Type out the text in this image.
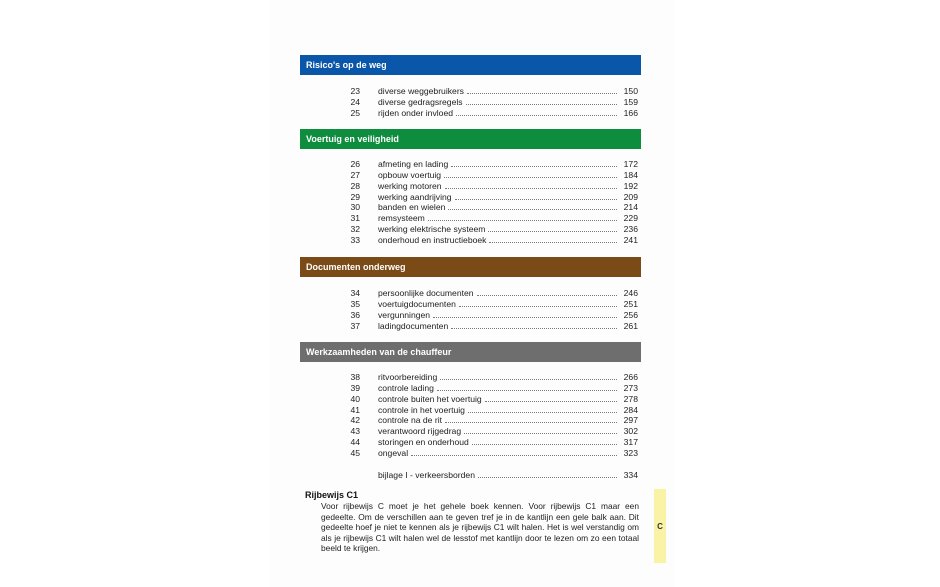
Risico's op de weg
23 diverse weggebruikers	150
24 diverse gedragsregels	159
25 rijden onder invloed	166
Voertuig en veiligheid
26 afmeting en lading	172
27 opbouw voertuig	184
28 werking motoren	192
29 werking aandrijving	209
30 banden en wielen	214
31 remsysteem	229
32 werking elektrische systeem	236
33 onderhoud en instructieboek	241
Documenten onderweg
34 persoonlijke documenten	246
35 voertuigdocumenten	251
36 vergunningen	256
37 ladingdocumenten	261
Werkzaamheden van de chauffeur
38 ritvoorbereiding	266
39 controle lading	273
40 controle buiten het voertuig	278
41 controle in het voertuig	284
42 controle na de rit	297
43 verantwoord rijgedrag	302
44 storingen en onderhoud	317
45 ongeval	323
bijlage I - verkeersborden	334
Rijbewijs C1
Voor rijbewijs C moet je het gehele boek kennen. Voor rijbewijs C1 maar een gedeelte. Om de verschillen aan te geven tref je in de kantlijn een gele balk aan. Dit gedeelte hoef je niet te kennen als je rijbewijs C1 wilt halen. Het is wel verstandig om als je rijbewijs C1 wilt halen wel de lesstof met kantlijn door te lezen om zo een totaal beeld te krijgen.
C
